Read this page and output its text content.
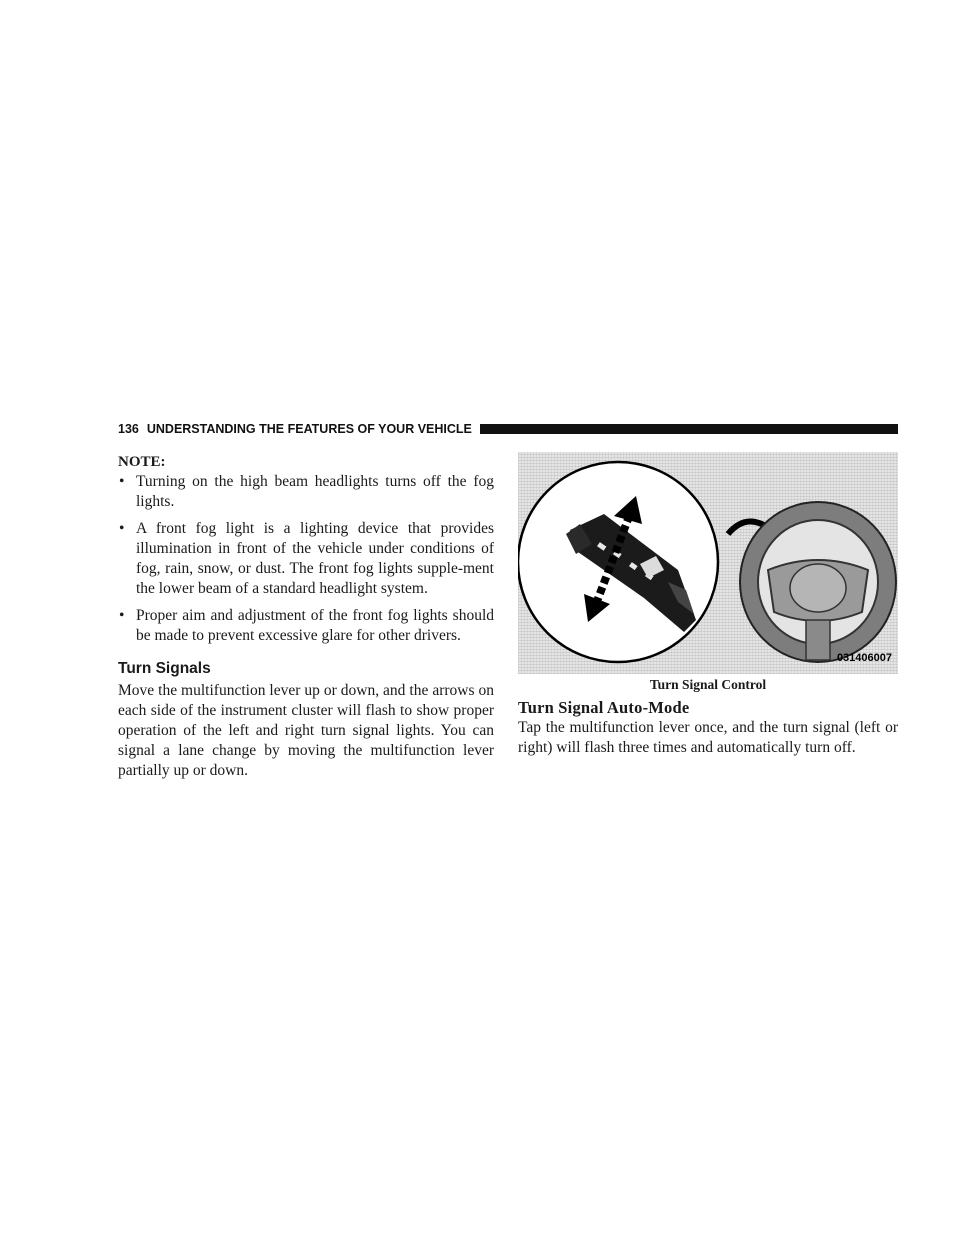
136 UNDERSTANDING THE FEATURES OF YOUR VEHICLE
NOTE:
• Turning on the high beam headlights turns off the fog lights.
• A front fog light is a lighting device that provides illumination in front of the vehicle under conditions of fog, rain, snow, or dust. The front fog lights supple-ment the lower beam of a standard headlight system.
• Proper aim and adjustment of the front fog lights should be made to prevent excessive glare for other drivers.
Turn Signals
Move the multifunction lever up or down, and the arrows on each side of the instrument cluster will flash to show proper operation of the left and right turn signal lights. You can signal a lane change by moving the multifunction lever partially up or down.
031406007
Turn Signal Control
Turn Signal Auto-Mode
Tap the multifunction lever once, and the turn signal (left or right) will flash three times and automatically turn off.
